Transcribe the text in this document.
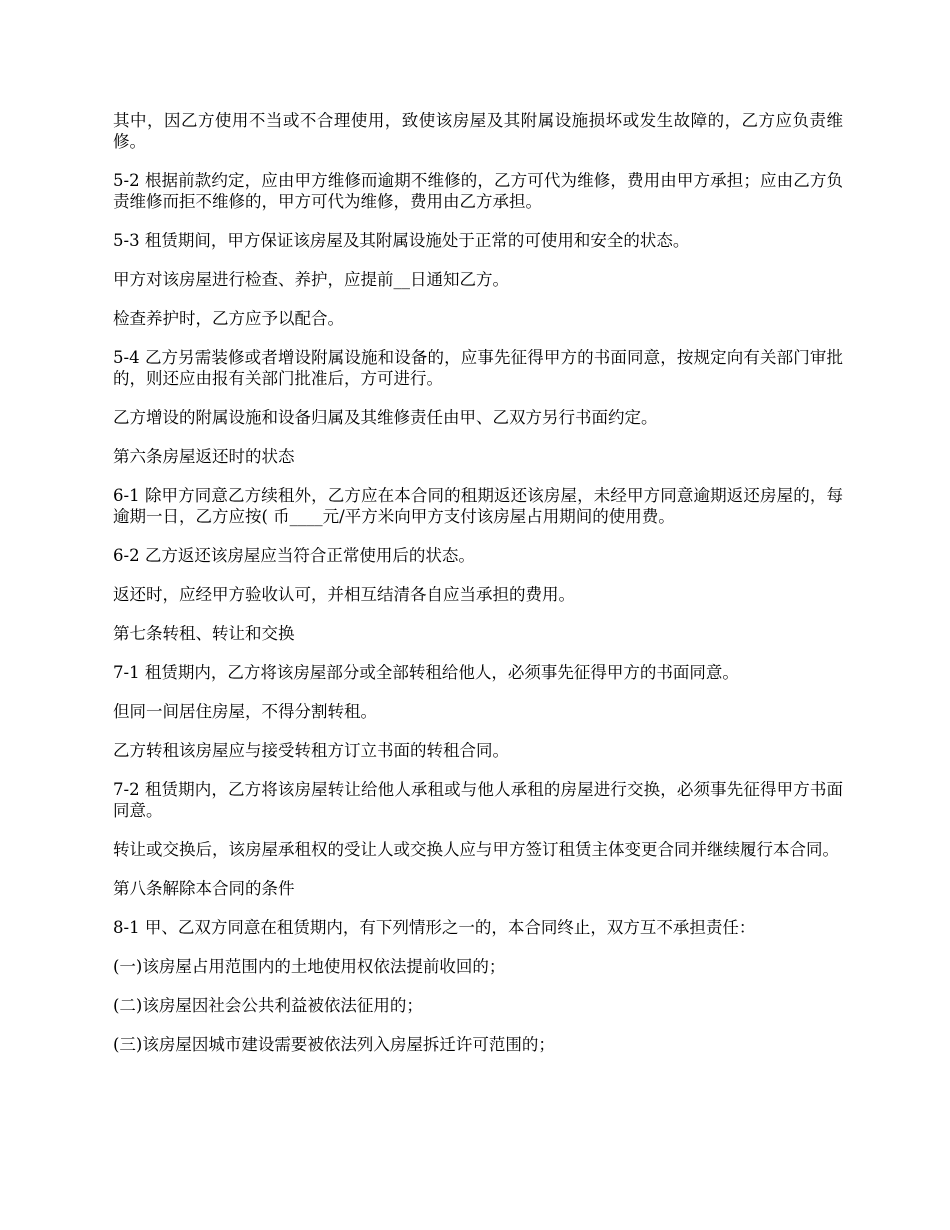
其中，因乙方使用不当或不合理使用，致使该房屋及其附属设施损坏或发生故障的，乙方应负责维修。

5-2 根据前款约定，应由甲方维修而逾期不维修的，乙方可代为维修，费用由甲方承担；应由乙方负责维修而拒不维修的，甲方可代为维修，费用由乙方承担。

5-3 租赁期间，甲方保证该房屋及其附属设施处于正常的可使用和安全的状态。

甲方对该房屋进行检查、养护，应提前__日通知乙方。

检查养护时，乙方应予以配合。

5-4 乙方另需装修或者增设附属设施和设备的，应事先征得甲方的书面同意，按规定向有关部门审批的，则还应由报有关部门批准后，方可进行。

乙方增设的附属设施和设备归属及其维修责任由甲、乙双方另行书面约定。

第六条房屋返还时的状态

6-1 除甲方同意乙方续租外，乙方应在本合同的租期返还该房屋，未经甲方同意逾期返还房屋的，每逾期一日，乙方应按( 币____元/平方米向甲方支付该房屋占用期间的使用费。

6-2 乙方返还该房屋应当符合正常使用后的状态。

返还时，应经甲方验收认可，并相互结清各自应当承担的费用。

第七条转租、转让和交换

7-1 租赁期内，乙方将该房屋部分或全部转租给他人，必须事先征得甲方的书面同意。

但同一间居住房屋，不得分割转租。

乙方转租该房屋应与接受转租方订立书面的转租合同。

7-2 租赁期内，乙方将该房屋转让给他人承租或与他人承租的房屋进行交换，必须事先征得甲方书面同意。

转让或交换后，该房屋承租权的受让人或交换人应与甲方签订租赁主体变更合同并继续履行本合同。

第八条解除本合同的条件

8-1 甲、乙双方同意在租赁期内，有下列情形之一的，本合同终止，双方互不承担责任：

(一)该房屋占用范围内的土地使用权依法提前收回的；

(二)该房屋因社会公共利益被依法征用的；

(三)该房屋因城市建设需要被依法列入房屋拆迁许可范围的；
